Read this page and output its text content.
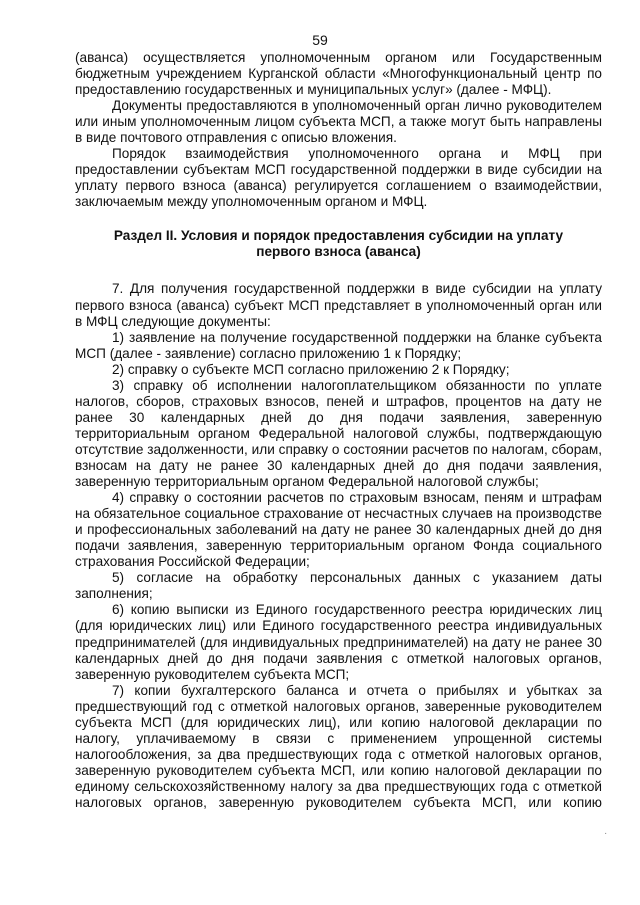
59

(аванса) осуществляется уполномоченным органом или Государственным бюджетным учреждением Курганской области «Многофункциональный центр по предоставлению государственных и муниципальных услуг» (далее - МФЦ).

Документы предоставляются в уполномоченный орган лично руководителем или иным уполномоченным лицом субъекта МСП, а также могут быть направлены в виде почтового отправления с описью вложения.

Порядок взаимодействия уполномоченного органа и МФЦ при предоставлении субъектам МСП государственной поддержки в виде субсидии на уплату первого взноса (аванса) регулируется соглашением о взаимодействии, заключаемым между уполномоченным органом и МФЦ.

Раздел II. Условия и порядок предоставления субсидии на уплату первого взноса (аванса)

7. Для получения государственной поддержки в виде субсидии на уплату первого взноса (аванса) субъект МСП представляет в уполномоченный орган или в МФЦ следующие документы:

1) заявление на получение государственной поддержки на бланке субъекта МСП (далее - заявление) согласно приложению 1 к Порядку;

2) справку о субъекте МСП согласно приложению 2 к Порядку;

3) справку об исполнении налогоплательщиком обязанности по уплате налогов, сборов, страховых взносов, пеней и штрафов, процентов на дату не ранее 30 календарных дней до дня подачи заявления, заверенную территориальным органом Федеральной налоговой службы, подтверждающую отсутствие задолженности, или справку о состоянии расчетов по налогам, сборам, взносам на дату не ранее 30 календарных дней до дня подачи заявления, заверенную территориальным органом Федеральной налоговой службы;

4) справку о состоянии расчетов по страховым взносам, пеням и штрафам на обязательное социальное страхование от несчастных случаев на производстве и профессиональных заболеваний на дату не ранее 30 календарных дней до дня подачи заявления, заверенную территориальным органом Фонда социального страхования Российской Федерации;

5) согласие на обработку персональных данных с указанием даты заполнения;

6) копию выписки из Единого государственного реестра юридических лиц (для юридических лиц) или Единого государственного реестра индивидуальных предпринимателей (для индивидуальных предпринимателей) на дату не ранее 30 календарных дней до дня подачи заявления с отметкой налоговых органов, заверенную руководителем субъекта МСП;

7) копии бухгалтерского баланса и отчета о прибылях и убытках за предшествующий год с отметкой налоговых органов, заверенные руководителем субъекта МСП (для юридических лиц), или копию налоговой декларации по налогу, уплачиваемому в связи с применением упрощенной системы налогообложения, за два предшествующих года с отметкой налоговых органов, заверенную руководителем субъекта МСП, или копию налоговой декларации по единому сельскохозяйственному налогу за два предшествующих года с отметкой налоговых органов, заверенную руководителем субъекта МСП, или копию

·
